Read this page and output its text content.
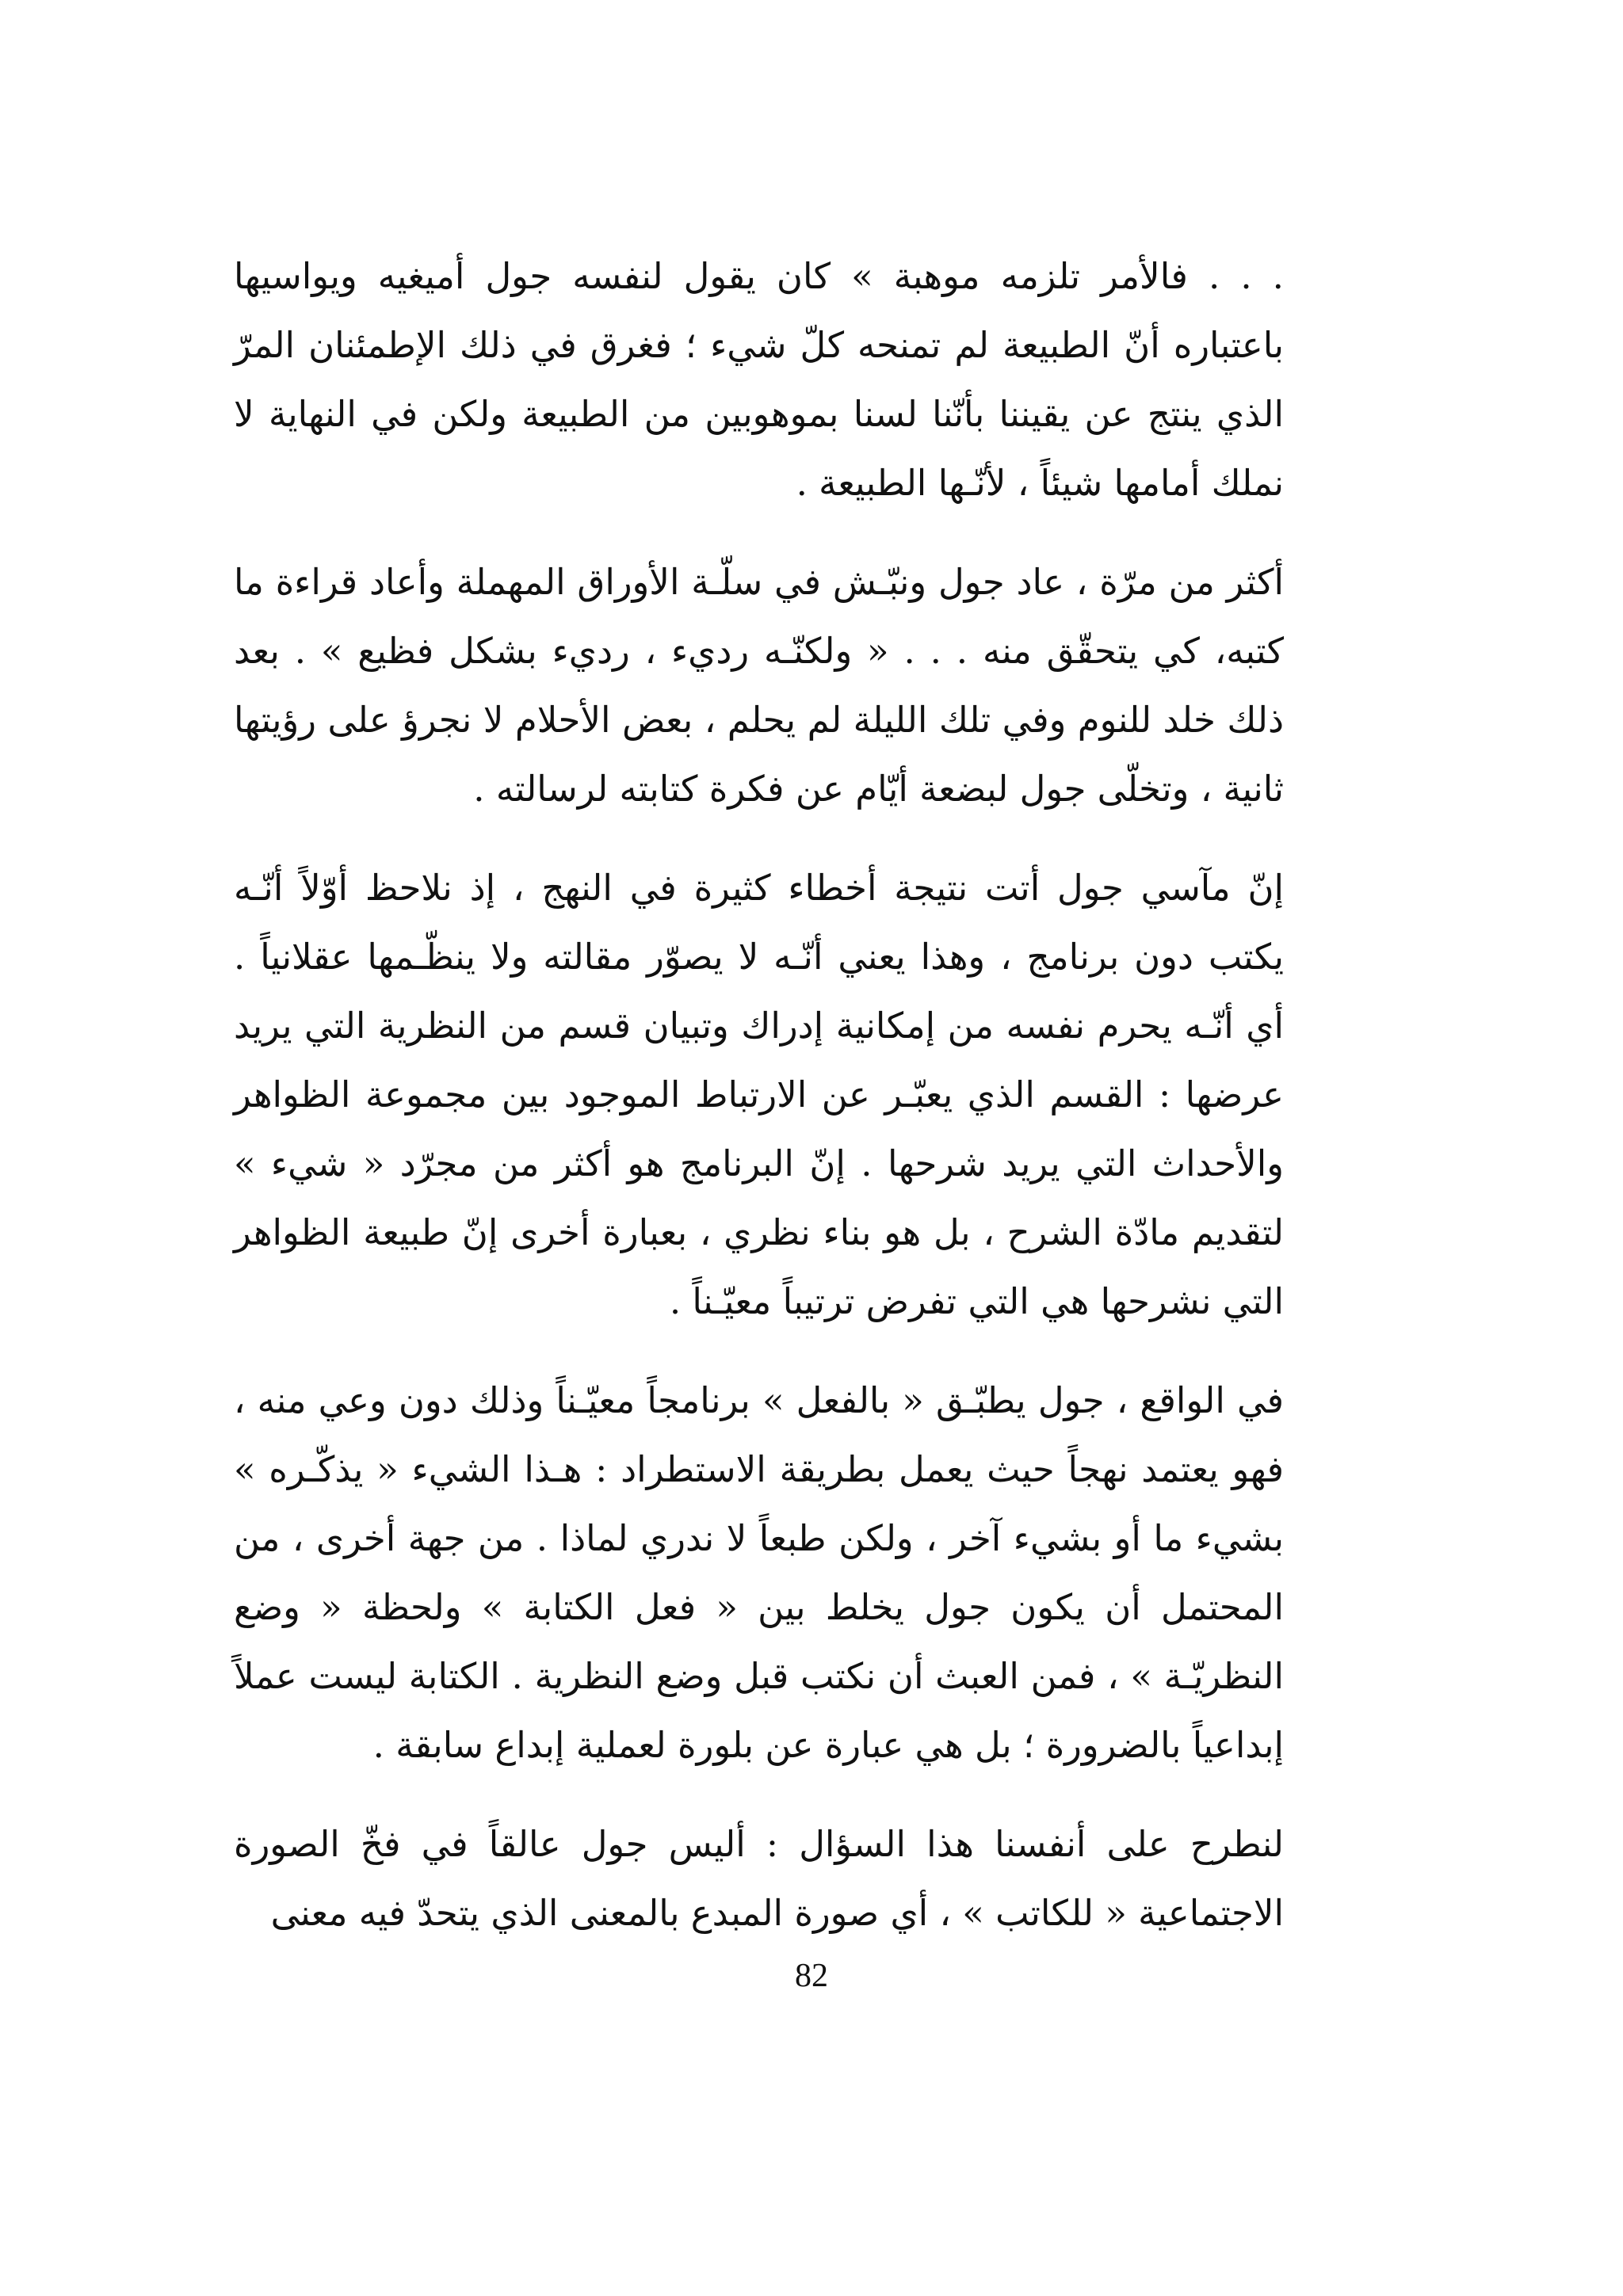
. . . فالأمر تلزمه موهبة » كان يقول لنفسه جول أميغيه ويواسيها باعتباره أنّ الطبيعة لم تمنحه كلّ شيء ؛ فغرق في ذلك الإطمئنان المرّ الذي ينتج عن يقيننا بأنّنا لسنا بموهوبين من الطبيعة ولكن في النهاية لا نملك أمامها شيئاً ، لأنّـها الطبيعة .

أكثر من مرّة ، عاد جول ونبّـش في سلّـة الأوراق المهملة وأعاد قراءة ما كتبه، كي يتحقّق منه . . . « ولكنّـه رديء ، رديء بشكل فظيع » . بعد ذلك خلد للنوم وفي تلك الليلة لم يحلم ، بعض الأحلام لا نجرؤ على رؤيتها ثانية ، وتخلّى جول لبضعة أيّام عن فكرة كتابته لرسالته .

إنّ مآسي جول أتت نتيجة أخطاء كثيرة في النهج ، إذ نلاحظ أوّلاً أنّـه يكتب دون برنامج ، وهذا يعني أنّـه لا يصوّر مقالته ولا ينظّـمها عقلانياً . أي أنّـه يحرم نفسه من إمكانية إدراك وتبيان قسم من النظرية التي يريد عرضها : القسم الذي يعبّـر عن الارتباط الموجود بين مجموعة الظواهر والأحداث التي يريد شرحها . إنّ البرنامج هو أكثر من مجرّد « شيء » لتقديم مادّة الشرح ، بل هو بناء نظري ، بعبارة أخرى إنّ طبيعة الظواهر التي نشرحها هي التي تفرض ترتيباً معيّـناً .

في الواقع ، جول يطبّـق « بالفعل » برنامجاً معيّـناً وذلك دون وعي منه ، فهو يعتمد نهجاً حيث يعمل بطريقة الاستطراد : هـذا الشيء « يذكّـره » بشيء ما أو بشيء آخر ، ولكن طبعاً لا ندري لماذا . من جهة أخرى ، من المحتمل أن يكون جول يخلط بين « فعل الكتابة » ولحظة « وضع النظريّـة » ، فمن العبث أن نكتب قبل وضع النظرية . الكتابة ليست عملاً إبداعياً بالضرورة ؛ بل هي عبارة عن بلورة لعملية إبداع سابقة .

لنطرح على أنفسنا هذا السؤال : أليس جول عالقاً في فخّ الصورة الاجتماعية « للكاتب » ، أي صورة المبدع بالمعنى الذي يتحدّ فيه معنى

82
